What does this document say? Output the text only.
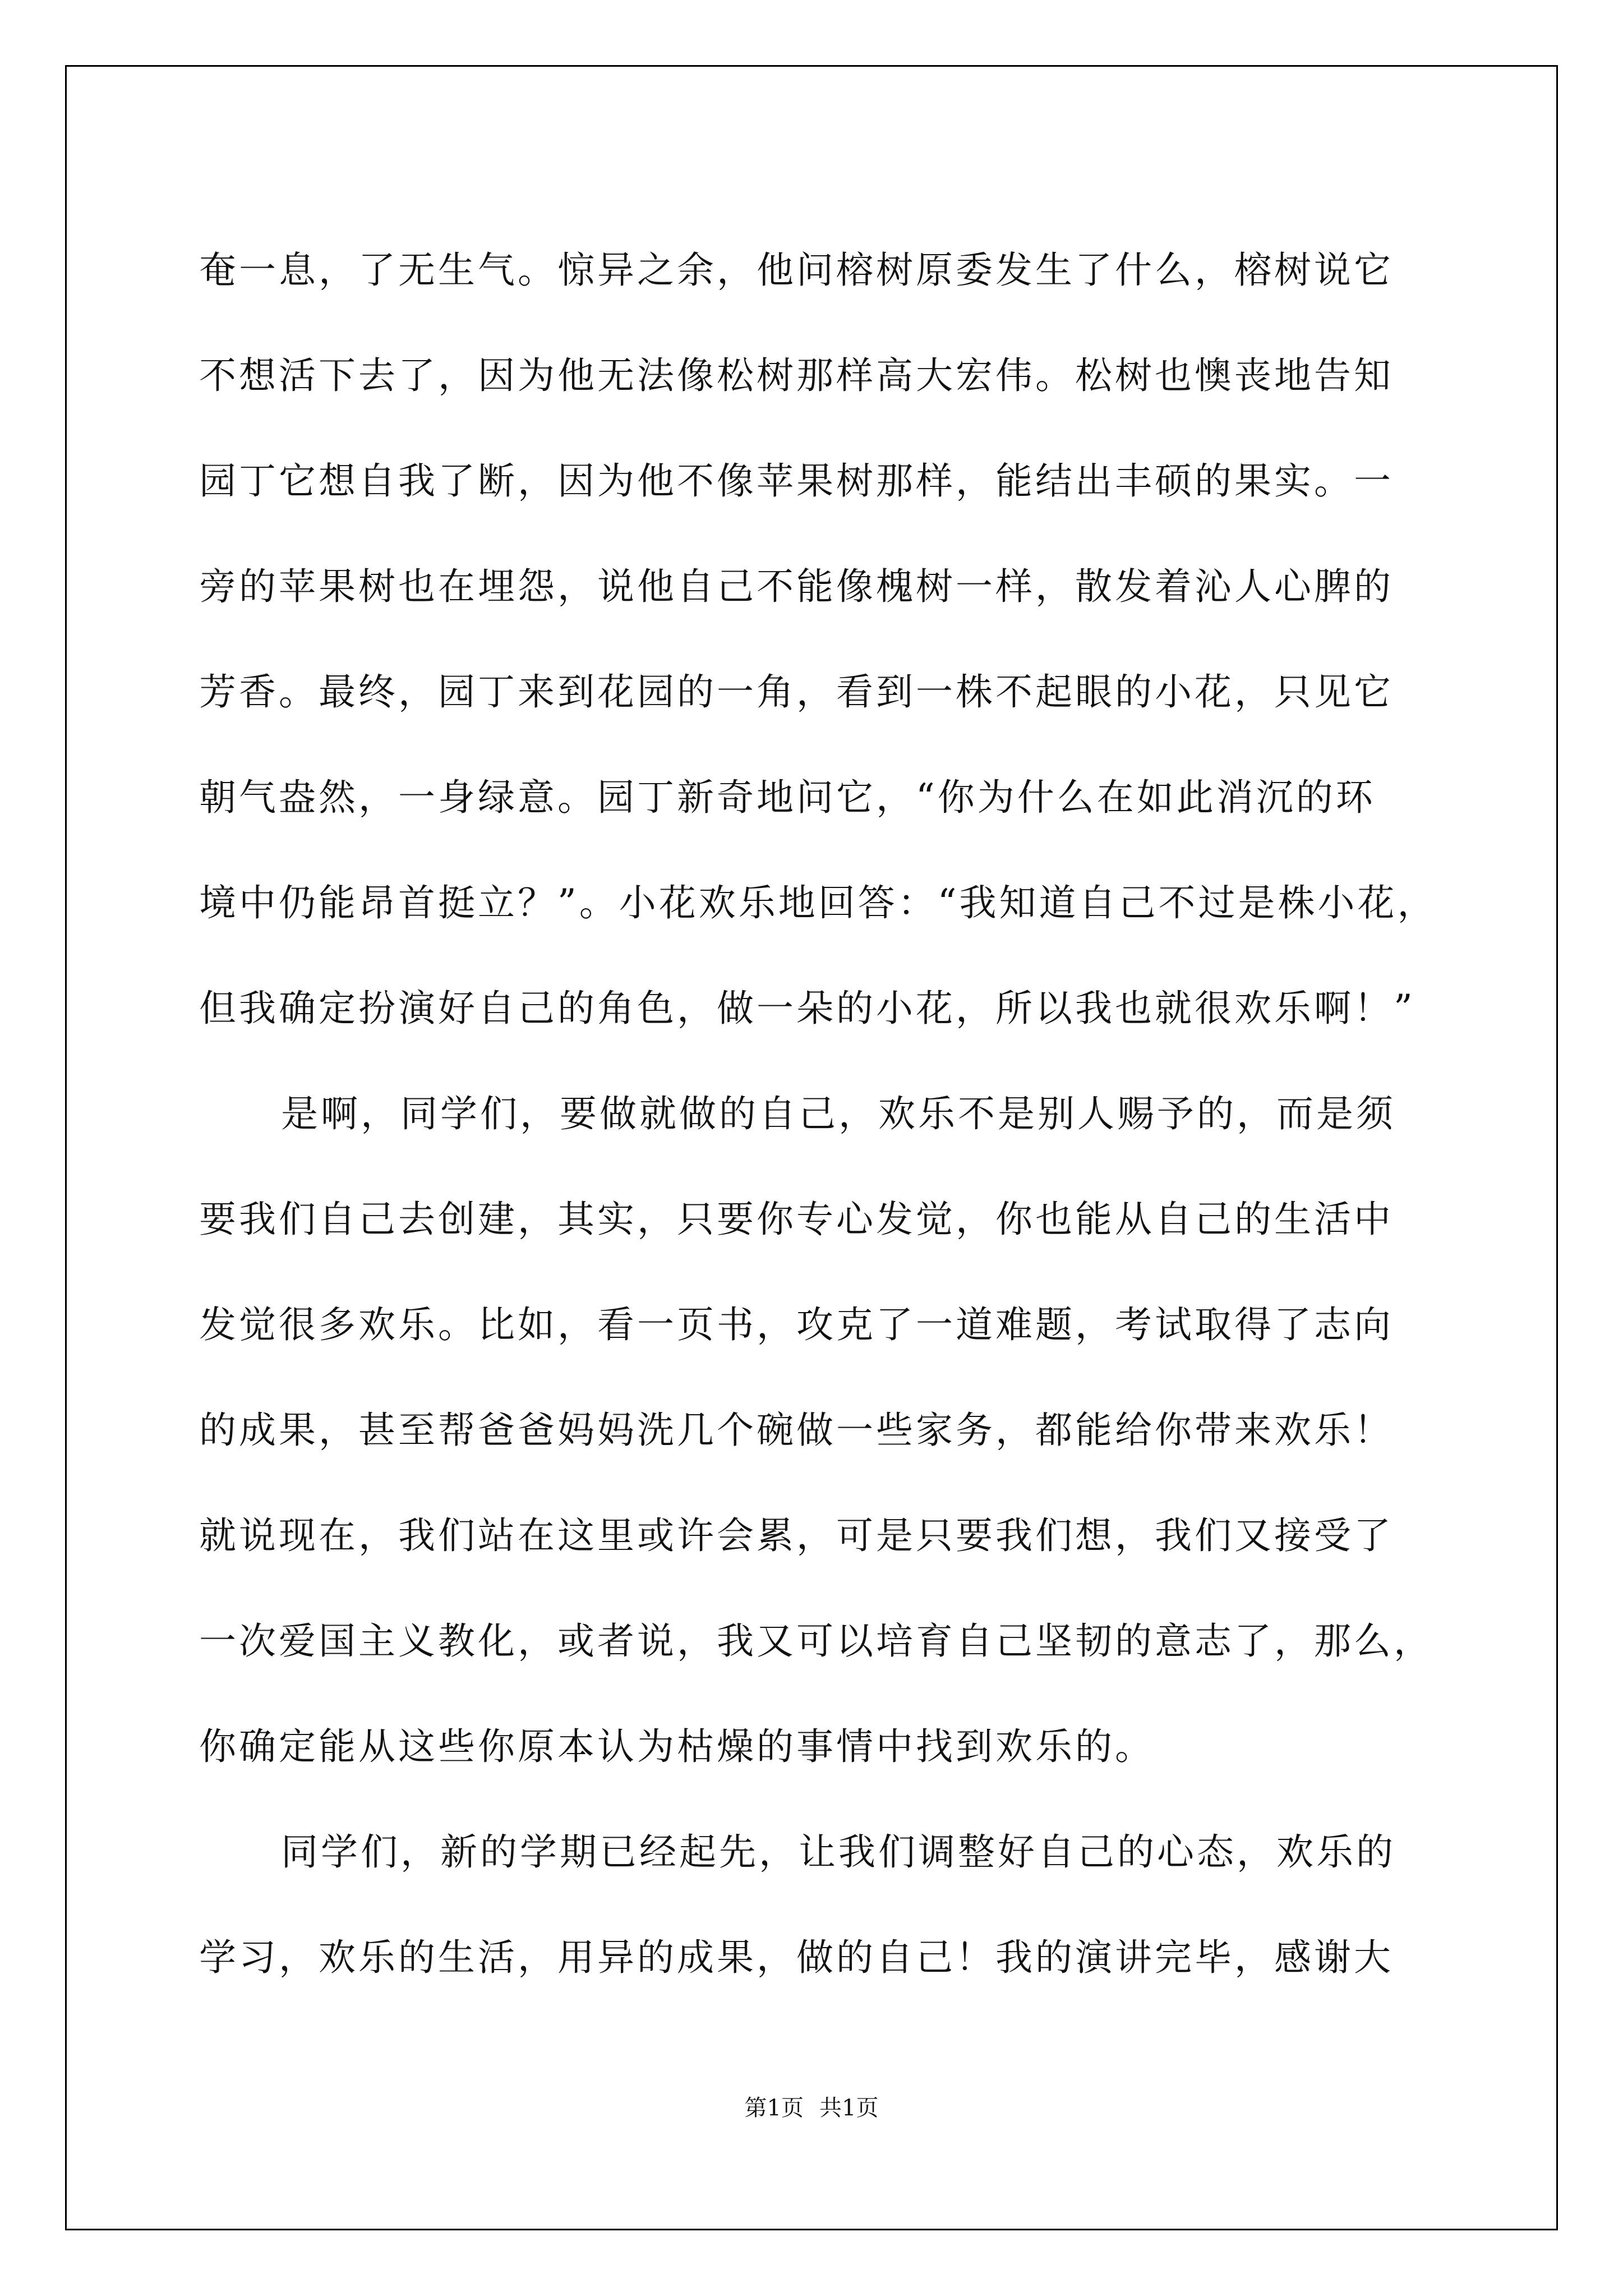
奄一息，了无生气。惊异之余，他问榕树原委发生了什么，榕树说它
不想活下去了，因为他无法像松树那样高大宏伟。松树也懊丧地告知
园丁它想自我了断，因为他不像苹果树那样，能结出丰硕的果实。一
旁的苹果树也在埋怨，说他自己不能像槐树一样，散发着沁人心脾的
芳香。最终，园丁来到花园的一角，看到一株不起眼的小花，只见它
朝气盎然，一身绿意。园丁新奇地问它，“你为什么在如此消沉的环
境中仍能昂首挺立？”。小花欢乐地回答：“我知道自己不过是株小花，
但我确定扮演好自己的角色，做一朵的小花，所以我也就很欢乐啊！”
是啊，同学们，要做就做的自己，欢乐不是别人赐予的，而是须
要我们自己去创建，其实，只要你专心发觉，你也能从自己的生活中
发觉很多欢乐。比如，看一页书，攻克了一道难题，考试取得了志向
的成果，甚至帮爸爸妈妈洗几个碗做一些家务，都能给你带来欢乐！
就说现在，我们站在这里或许会累，可是只要我们想，我们又接受了
一次爱国主义教化，或者说，我又可以培育自己坚韧的意志了，那么，
你确定能从这些你原本认为枯燥的事情中找到欢乐的。
同学们，新的学期已经起先，让我们调整好自己的心态，欢乐的
学习，欢乐的生活，用异的成果，做的自己！我的演讲完毕，感谢大
第1页 共1页
